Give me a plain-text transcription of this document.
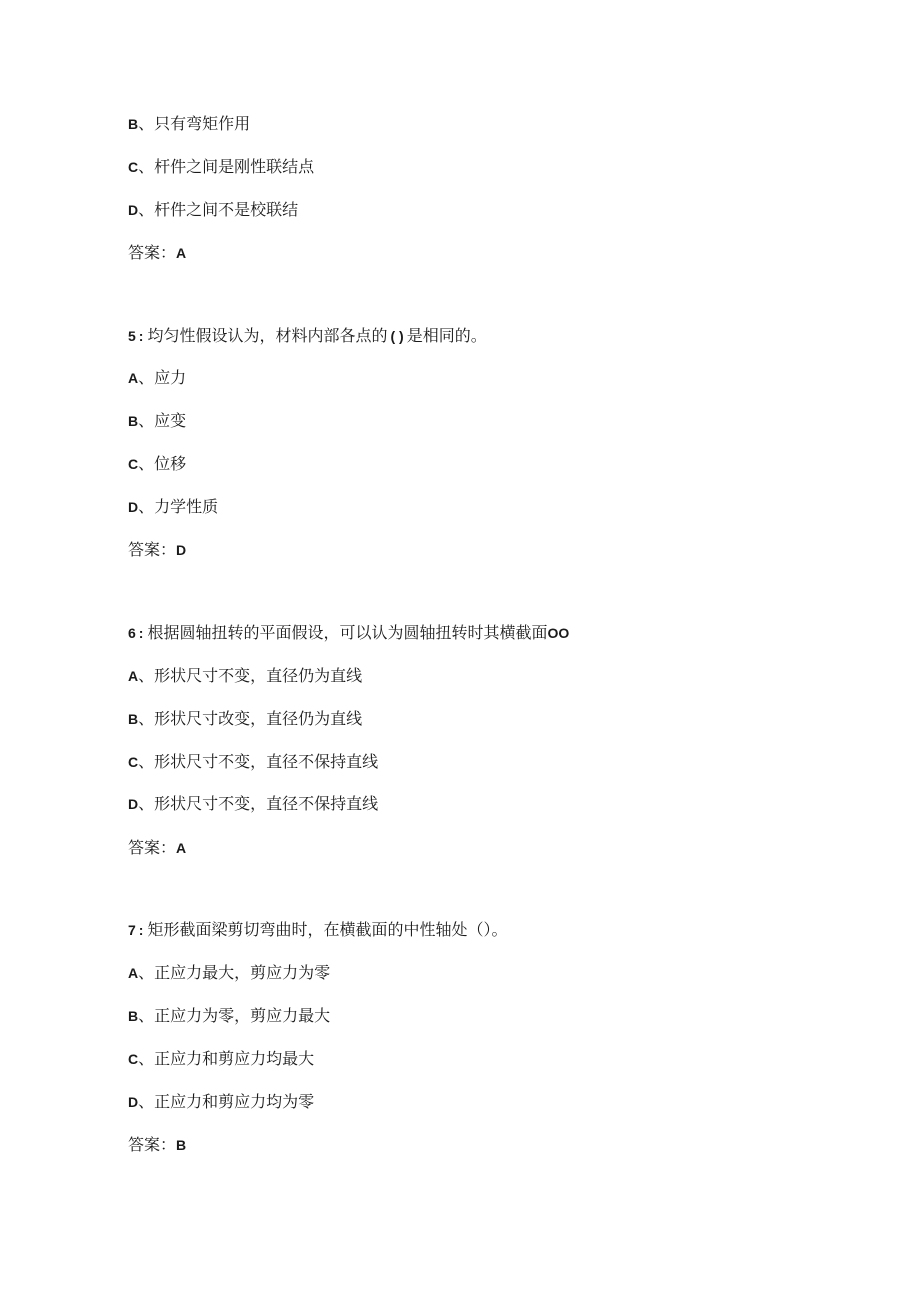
B、只有弯矩作用
C、杆件之间是刚性联结点
D、杆件之间不是校联结
答案：A
5 : 均匀性假设认为，材料内部各点的 ( ) 是相同的。
A、应力
B、应变
C、位移
D、力学性质
答案：D
6 : 根据圆轴扭转的平面假设，可以认为圆轴扭转时其横截面OO
A、形状尺寸不变，直径仍为直线
B、形状尺寸改变，直径仍为直线
C、形状尺寸不变，直径不保持直线
D、形状尺寸不变，直径不保持直线
答案：A
7 : 矩形截面梁剪切弯曲时，在横截面的中性轴处（）。
A、正应力最大，剪应力为零
B、正应力为零，剪应力最大
C、正应力和剪应力均最大
D、正应力和剪应力均为零
答案：B
